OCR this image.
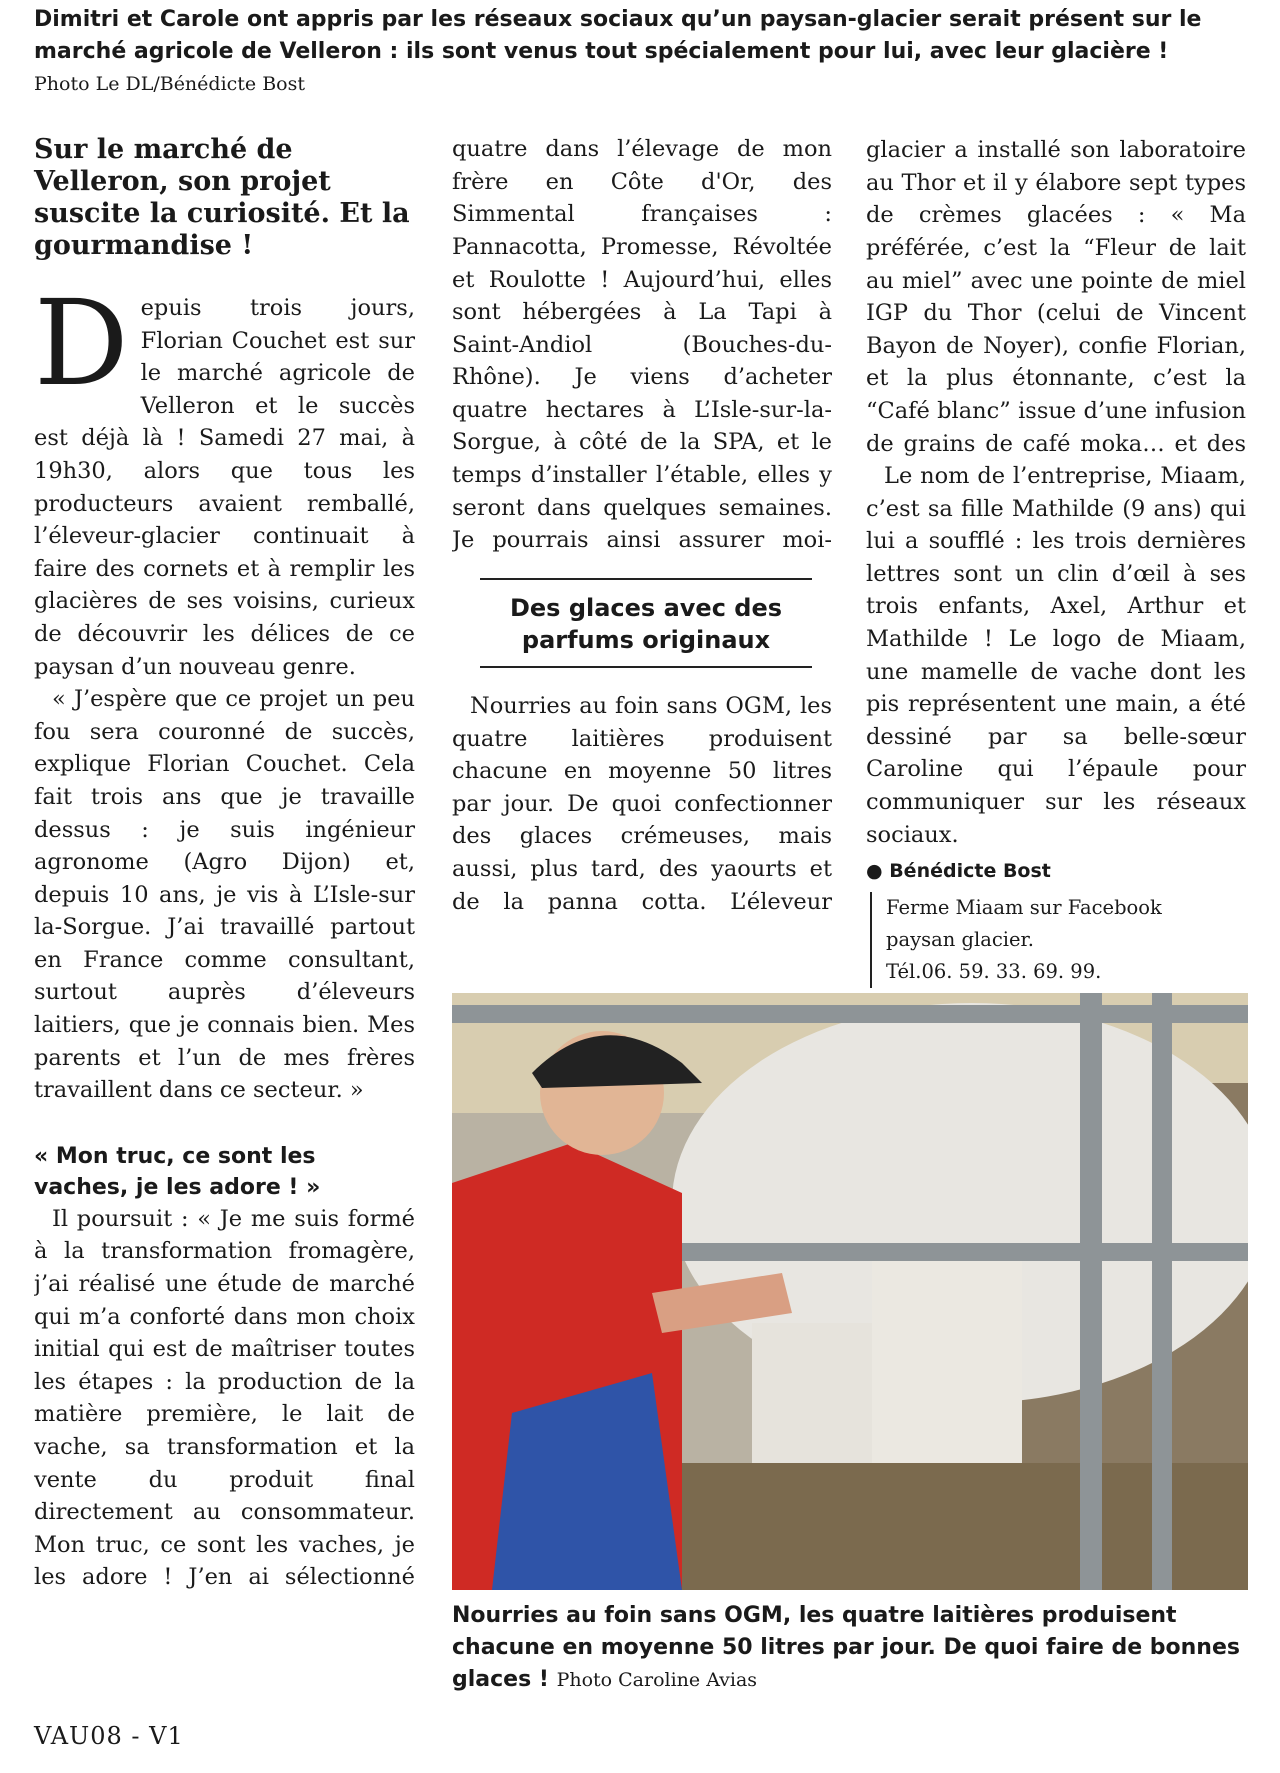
Dimitri et Carole ont appris par les réseaux sociaux qu’un paysan-glacier serait présent sur le marché agricole de Velleron : ils sont venus tout spécialement pour lui, avec leur glacière !
Photo Le DL/Bénédicte Bost
Sur le marché de Velleron, son projet suscite la curiosité. Et la gourmandise !

Depuis trois jours, Florian Couchet est sur le marché agricole de Velleron et le succès est déjà là ! Samedi 27 mai, à 19h30, alors que tous les producteurs avaient remballé, l’éleveur-glacier continuait à faire des cornets et à remplir les glacières de ses voisins, curieux de découvrir les délices de ce paysan d’un nouveau genre.

« J’espère que ce projet un peu fou sera couronné de succès, explique Florian Couchet. Cela fait trois ans que je travaille dessus : je suis ingénieur agronome (Agro Dijon) et, depuis 10 ans, je vis à L’Isle-sur la-Sorgue. J’ai travaillé partout en France comme consultant, surtout auprès d’éleveurs laitiers, que je connais bien. Mes parents et l’un de mes frères travaillent dans ce secteur. »

« Mon truc, ce sont les vaches, je les adore ! »

Il poursuit : « Je me suis formé à la transformation fromagère, j’ai réalisé une étude de marché qui m’a conforté dans mon choix initial qui est de maîtriser toutes les étapes : la production de la matière première, le lait de vache, sa transformation et la vente du produit final directement au consommateur. Mon truc, ce sont les vaches, je les adore ! J’en ai sélectionné

quatre dans l’élevage de mon frère en Côte d'Or, des Simmental françaises : Pannacotta, Promesse, Révoltée et Roulotte ! Aujourd’hui, elles sont hébergées à La Tapi à Saint-Andiol (Bouches-du-Rhône). Je viens d’acheter quatre hectares à L’Isle-sur-la-Sorgue, à côté de la SPA, et le temps d’installer l’étable, elles y seront dans quelques semaines. Je pourrais ainsi assurer moi-

Des glaces avec des parfums originaux

Nourries au foin sans OGM, les quatre laitières produisent chacune en moyenne 50 litres par jour. De quoi confectionner des glaces crémeuses, mais aussi, plus tard, des yaourts et de la panna cotta. L’éleveur

glacier a installé son laboratoire au Thor et il y élabore sept types de crèmes glacées : « Ma préférée, c’est la “Fleur de lait au miel” avec une pointe de miel IGP du Thor (celui de Vincent Bayon de Noyer), confie Florian, et la plus étonnante, c’est la “Café blanc” issue d’une infusion de grains de café moka… et des

Le nom de l’entreprise, Miaam, c’est sa fille Mathilde (9 ans) qui lui a soufflé : les trois dernières lettres sont un clin d’œil à ses trois enfants, Axel, Arthur et Mathilde ! Le logo de Miaam, une mamelle de vache dont les pis représentent une main, a été dessiné par sa belle-sœur Caroline qui l’épaule pour communiquer sur les réseaux sociaux.

● Bénédicte Bost
Ferme Miaam sur Facebook
paysan glacier.
Tél.06. 59. 33. 69. 99.
Nourries au foin sans OGM, les quatre laitières produisent chacune en moyenne 50 litres par jour. De quoi faire de bonnes glaces ! Photo Caroline Avias
VAU08 - V1
